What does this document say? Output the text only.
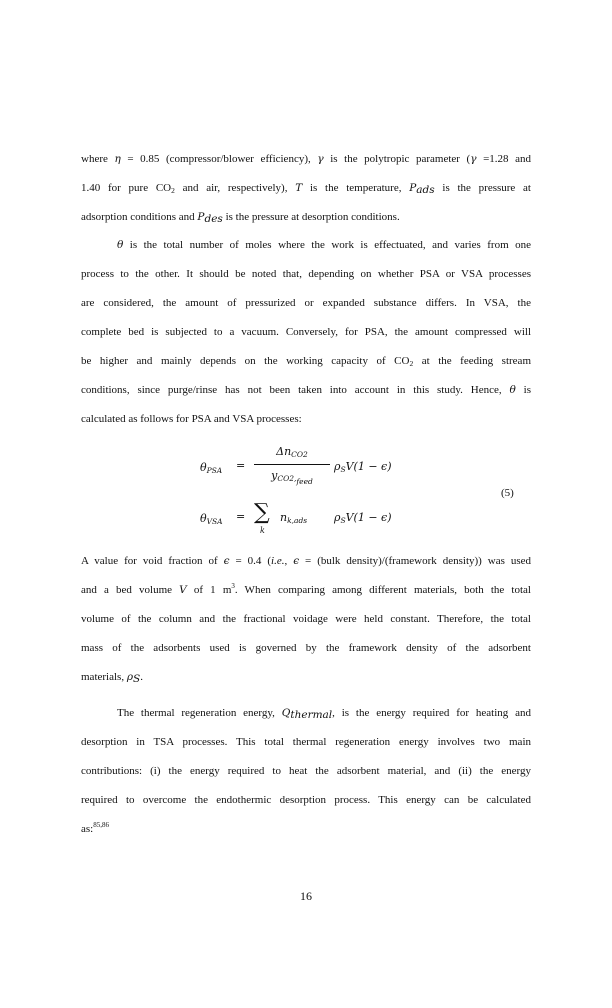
where η = 0.85 (compressor/blower efficiency), γ is the polytropic parameter (γ =1.28 and
1.40 for pure $CO_2$ and air, respectively), T is the temperature, $P_{ads}$ is the pressure at
adsorption conditions and $P_{des}$ is the pressure at desorption conditions.
θ is the total number of moles where the work is effectuated, and varies from one
process to the other. It should be noted that, depending on whether PSA or VSA processes
are considered, the amount of pressurized or expanded substance differs. In VSA, the
complete bed is subjected to a vacuum. Conversely, for PSA, the amount compressed will
be higher and mainly depends on the working capacity of $CO_2$ at the feeding stream
conditions, since purge/rinse has not been taken into account in this study. Hence, θ is
calculated as follows for PSA and VSA processes:
$\theta_{PSA}$ =
$\Delta n_{CO2}$
$y_{CO2,feed}$
$\rho_SV(1 - \epsilon)$
(5)
$\theta_{VSA}$ = ∑
k
$n_{k,ads}$ $\rho_SV(1 - \epsilon)$
A value for void fraction of ϵ = 0.4 (i.e., ϵ = (bulk density)/(framework density)) was used
and a bed volume V of 1 $m^3$. When comparing among different materials, both the total
volume of the column and the fractional voidage were held constant. Therefore, the total
mass of the adsorbents used is governed by the framework density of the adsorbent
materials, $\rho_S$.
The thermal regeneration energy, $Q_{thermal}$, is the energy required for heating and
desorption in TSA processes. This total thermal regeneration energy involves two main
contributions: (i) the energy required to heat the adsorbent material, and (ii) the energy
required to overcome the endothermic desorption process. This energy can be calculated
as:$^{85,86}$
16
